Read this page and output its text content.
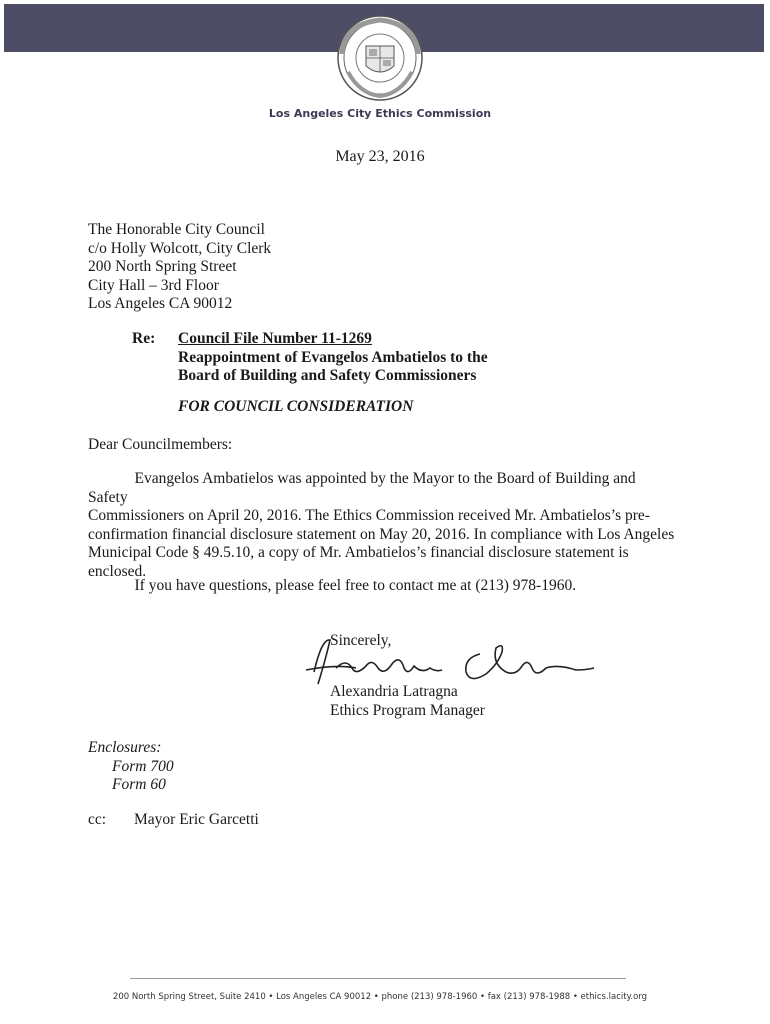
Los Angeles City Ethics Commission
May 23, 2016
The Honorable City Council
c/o Holly Wolcott, City Clerk
200 North Spring Street
City Hall – 3rd Floor
Los Angeles CA 90012
Re: Council File Number 11-1269
Reappointment of Evangelos Ambatielos to the
Board of Building and Safety Commissioners
FOR COUNCIL CONSIDERATION
Dear Councilmembers:
Evangelos Ambatielos was appointed by the Mayor to the Board of Building and Safety
Commissioners on April 20, 2016. The Ethics Commission received Mr. Ambatielos’s pre-
confirmation financial disclosure statement on May 20, 2016. In compliance with Los Angeles
Municipal Code § 49.5.10, a copy of Mr. Ambatielos’s financial disclosure statement is
enclosed.
If you have questions, please feel free to contact me at (213) 978-1960.
Sincerely,
Alexandria Latragna
Ethics Program Manager
Enclosures:
Form 700
Form 60
cc: Mayor Eric Garcetti
200 North Spring Street, Suite 2410 • Los Angeles CA 90012 • phone (213) 978-1960 • fax (213) 978-1988 • ethics.lacity.org
